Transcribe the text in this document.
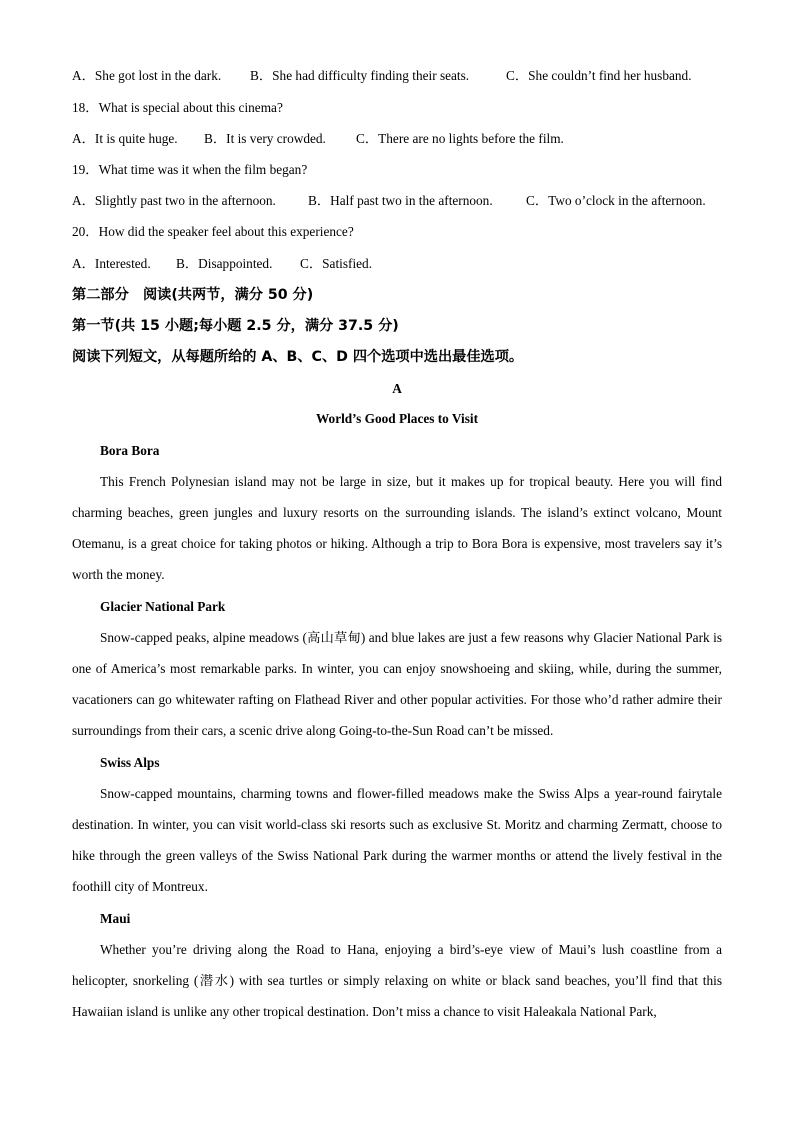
A．She got lost in the dark. B．She had difficulty finding their seats.	C．She couldn’t find her husband.
18．What is special about this cinema?
A．It is quite huge. B．It is very crowded. C．There are no lights before the film.
19．What time was it when the film began?
A．Slightly past two in the afternoon. B．Half past two in the afternoon.	C．Two o’clock in the afternoon.
20．How did the speaker feel about this experience?
A．Interested. B．Disappointed. C．Satisfied.
第二部分　阅读(共两节，满分 50 分)
第一节(共 15 小题;每小题 2.5 分，满分 37.5 分)
阅读下列短文，从每题所给的 A、B、C、D 四个选项中选出最佳选项。
A
World’s Good Places to Visit
Bora Bora

This French Polynesian island may not be large in size, but it makes up for tropical beauty. Here you will find charming beaches, green jungles and luxury resorts on the surrounding islands. The island’s extinct volcano, Mount Otemanu, is a great choice for taking photos or hiking. Although a trip to Bora Bora is expensive, most travelers say it’s worth the money.

Glacier National Park

Snow-capped peaks, alpine meadows (高山草甸) and blue lakes are just a few reasons why Glacier National Park is one of America’s most remarkable parks. In winter, you can enjoy snowshoeing and skiing, while, during the summer, vacationers can go whitewater rafting on Flathead River and other popular activities. For those who’d rather admire their surroundings from their cars, a scenic drive along Going-to-the-Sun Road can’t be missed.

Swiss Alps

Snow-capped mountains, charming towns and flower-filled meadows make the Swiss Alps a year-round fairytale destination. In winter, you can visit world-class ski resorts such as exclusive St. Moritz and charming Zermatt, choose to hike through the green valleys of the Swiss National Park during the warmer months or attend the lively festival in the foothill city of Montreux.

Maui

Whether you’re driving along the Road to Hana, enjoying a bird’s-eye view of Maui’s lush coastline from a helicopter, snorkeling (潜水) with sea turtles or simply relaxing on white or black sand beaches, you’ll find that this Hawaiian island is unlike any other tropical destination. Don’t miss a chance to visit Haleakala National Park,
